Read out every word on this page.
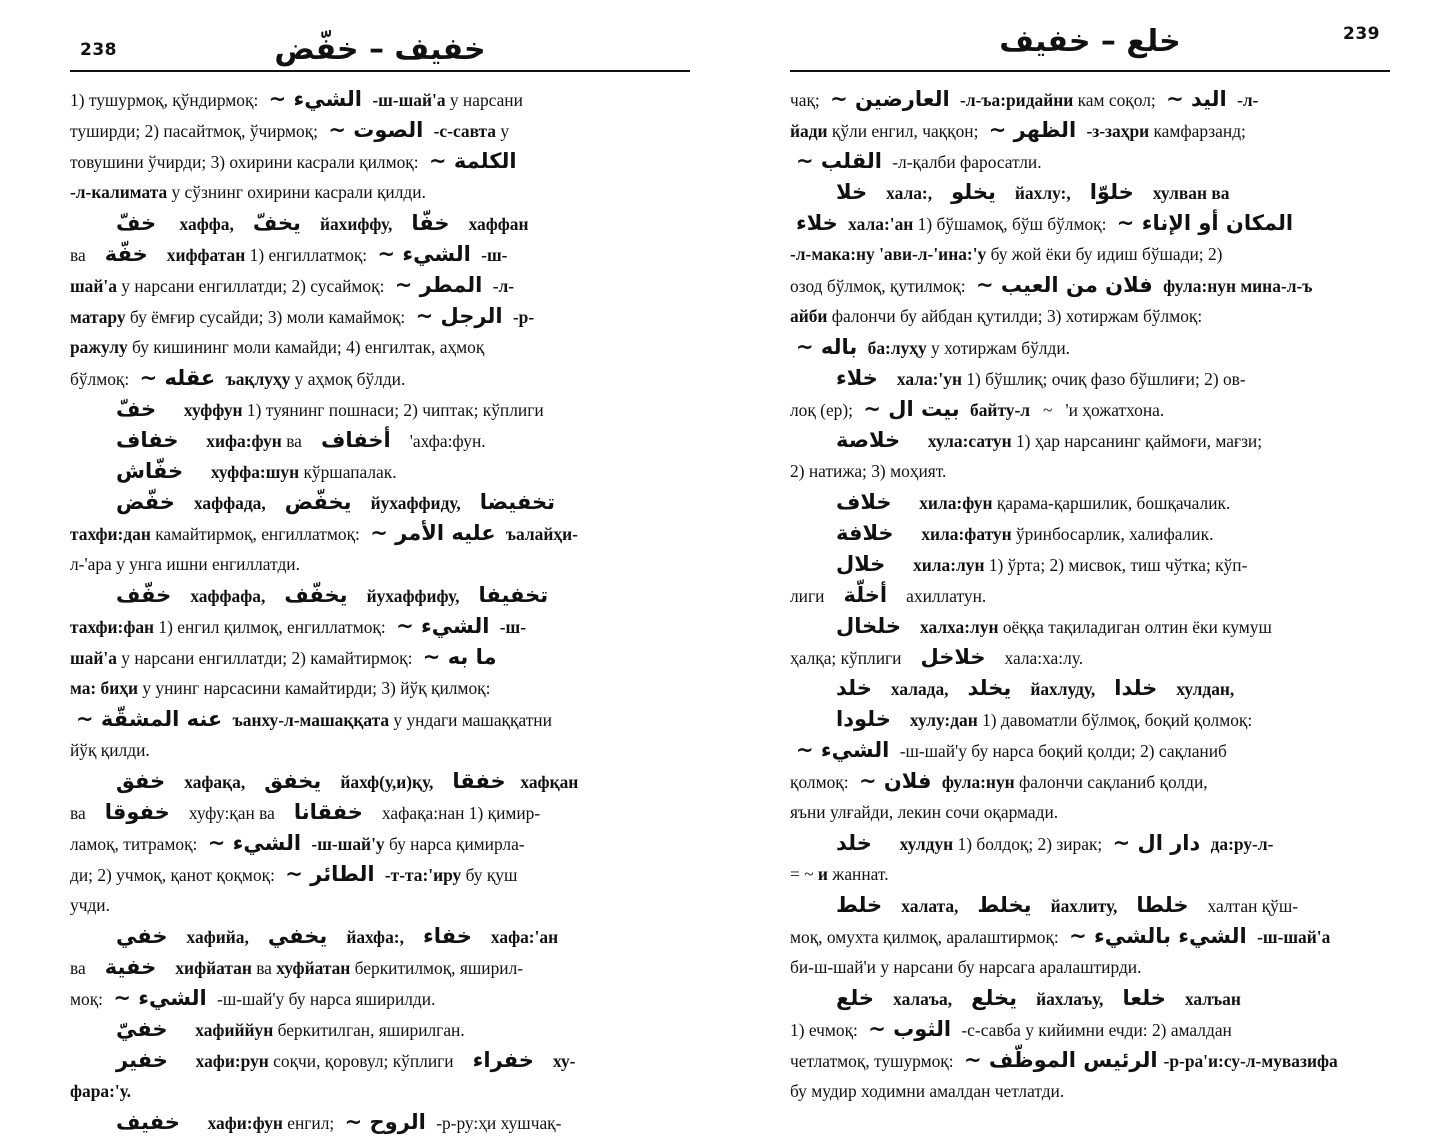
238	خفيف – خفّض
1) тушурмоқ, қўндирмоқ: الشيء ~ -ш-шай'а у нарсани
туширди; 2) пасайтмоқ, ўчирмоқ; الصوت ~ -с-савта у
товушини ўчирди; 3) охирини касрали қилмоқ: الكلمة ~
-л-калимата у сўзнинг охирини касрали қилди.
خفّ хаффа, يخفّ йахиффу, خفّا хаффан
ва   خفّة хиффатан 1) енгиллатмоқ: الشيء ~ -ш-
шай'а у нарсани енгиллатди; 2) сусаймоқ: المطر ~ -л-
матару бу ёмғир сусайди; 3) моли камаймоқ: الرجل ~ -р-
ражулу бу кишининг моли камайди; 4) енгилтак, аҳмоқ
бўлмоқ: عقله ~ ъақлуҳу у аҳмоқ бўлди.
خفّ хуффун 1) туянинг пошнаси; 2) чиптак; кўплиги
خفاف хифа:фун ва   أخفاف   'ахфа:фун.
خفّاش хуффа:шун кўршапалак.
خفّض хаффада, يخفّض йухаффиду, تخفيضا
тахфи:дан камайтирмоқ, енгиллатмоқ: عليه الأمر ~ ъалайҳи-
л-'ара у унга ишни енгиллатди.
خفّف хаффафа, يخفّف йухаффифу, تخفيفا
тахфи:фан 1) енгил қилмоқ, енгиллатмоқ: الشيء ~ -ш-
шай'а у нарсани енгиллатди; 2) камайтирмоқ: ما به ~
ма: биҳи у унинг нарсасини камайтирди; 3) йўқ қилмоқ:
عنه المشقّة ~ ъанху-л-машаққата у ундаги машаққатни
йўқ қилди.
خفق хафақа, يخفق йахф(у,и)қу, خفقا хафқан
ва   خفوقا   хуфу:қан ва   خفقانا   хафақа:нан 1) қимир-
ламоқ, титрамоқ: الشيء ~ -ш-шай'у бу нарса қимирла-
ди; 2) учмоқ, қанот қоқмоқ: الطائر ~ -т-та:'иру бу қуш
учди.
خفي хафийа, يخفي йахфа:, خفاء хафа:'ан
ва   خفية хифйатан ва хуфйатан беркитилмоқ, яширил-
моқ: الشيء ~ -ш-шай'у бу нарса яширилди.
خفيّ хафиййун беркитилган, яширилган.
خفير хафи:рун соқчи, қоровул; кўплиги   خفراء ху-
фара:'у.
خفيف хафи:фун енгил; الروح ~ -р-ру:ҳи хушчақ-
239
خلع – خفيف
чақ; العارضين ~ -л-ъа:ридайни кам соқол; اليد ~ -л-
йади қўли енгил, чаққон; الظهر ~ -з-заҳри камфарзанд;
القلب ~ -л-қалби фаросатли.
خلا хала:, يخلو йахлу:, خلوّا хулван ва
خلاء хала:'ан 1) бўшамоқ, бўш бўлмоқ: المكان أو الإناء ~
-л-мака:ну 'ави-л-'ина:'у бу жой ёки бу идиш бўшади; 2)
озод бўлмоқ, қутилмоқ: فلان من العيب ~ фула:нун мина-л-ъ
айби фалончи бу айбдан қутилди; 3) хотиржам бўлмоқ:
باله ~ ба:луҳу у хотиржам бўлди.
خلاء хала:'ун 1) бўшлиқ; очиқ фазо бўшлиғи; 2) ов-
лоқ (ер); بيت ال ~ байту-л   ~   'и ҳожатхона.
خلاصة хула:сатун 1) ҳар нарсанинг қаймоғи, мағзи;
2) натижа; 3) моҳият.
خلاف хила:фун қарама-қаршилик, бошқачалик.
خلافة хила:фатун ўринбосарлик, халифалик.
خلال хила:лун 1) ўрта; 2) мисвок, тиш чўтка; кўп-
лиги   أخلّة   ахиллатун.
خلخال халха:лун оёққа тақиладиган олтин ёки кумуш
ҳалқа; кўплиги   خلاخل   хала:ха:лу.
خلد халада, يخلد йахлуду, خلدا хулдан,
خلودا хулу:дан 1) давоматли бўлмоқ, боқий қолмоқ:
الشيء ~ -ш-шай'у бу нарса боқий қолди; 2) сақланиб
қолмоқ: فلان ~ фула:нун фалончи сақланиб қолди,
яъни улғайди, лекин сочи оқармади.
خلد хулдун 1) болдоқ; 2) зирак; دار ال ~ да:ру-л-
= ~ и жаннат.
خلط халата, يخلط йахлиту, خلطا   халтан қўш-
моқ, омухта қилмоқ, аралаштирмоқ: الشيء بالشيء ~ -ш-шай'а
би-ш-шай'и у нарсани бу нарсага аралаштирди.
خلع халаъа, يخلع йахлаъу, خلعا халъан
1) ечмоқ: الثوب ~ -с-савба у кийимни ечди: 2) амалдан
четлатмоқ, тушурмоқ: الرئيس الموظّف ~ -р-ра'и:су-л-мувазифа
бу мудир ходимни амалдан четлатди.
